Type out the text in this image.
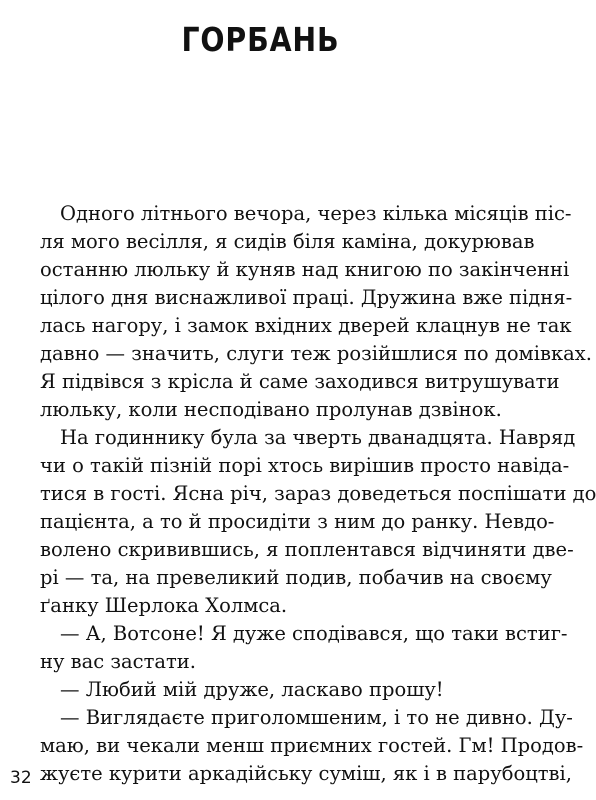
ГОРБАНЬ
Одного літнього вечора, через кілька місяців піс-
ля мого весілля, я сидів біля каміна, докурював
останню люльку й куняв над книгою по закінченні
цілого дня виснажливої праці. Дружина вже підня-
лась нагору, і замок вхідних дверей клацнув не так
давно — значить, слуги теж розійшлися по домівках.
Я підвівся з крісла й саме заходився витрушувати
люльку, коли несподівано пролунав дзвінок.
На годиннику була за чверть дванадцята. Навряд
чи о такій пізній порі хтось вирішив просто навіда-
тися в гості. Ясна річ, зараз доведеться поспішати до
пацієнта, а то й просидіти з ним до ранку. Невдо-
волено скривившись, я поплентався відчиняти две-
рі — та, на превеликий подив, побачив на своєму
ґанку Шерлока Холмса.
— А, Вотсоне! Я дуже сподівався, що таки встиг-
ну вас застати.
— Любий мій друже, ласкаво прошу!
— Виглядаєте приголомшеним, і то не дивно. Ду-
маю, ви чекали менш приємних гостей. Гм! Продов-
жуєте курити аркадійську суміш, як і в парубоцтві,

32
